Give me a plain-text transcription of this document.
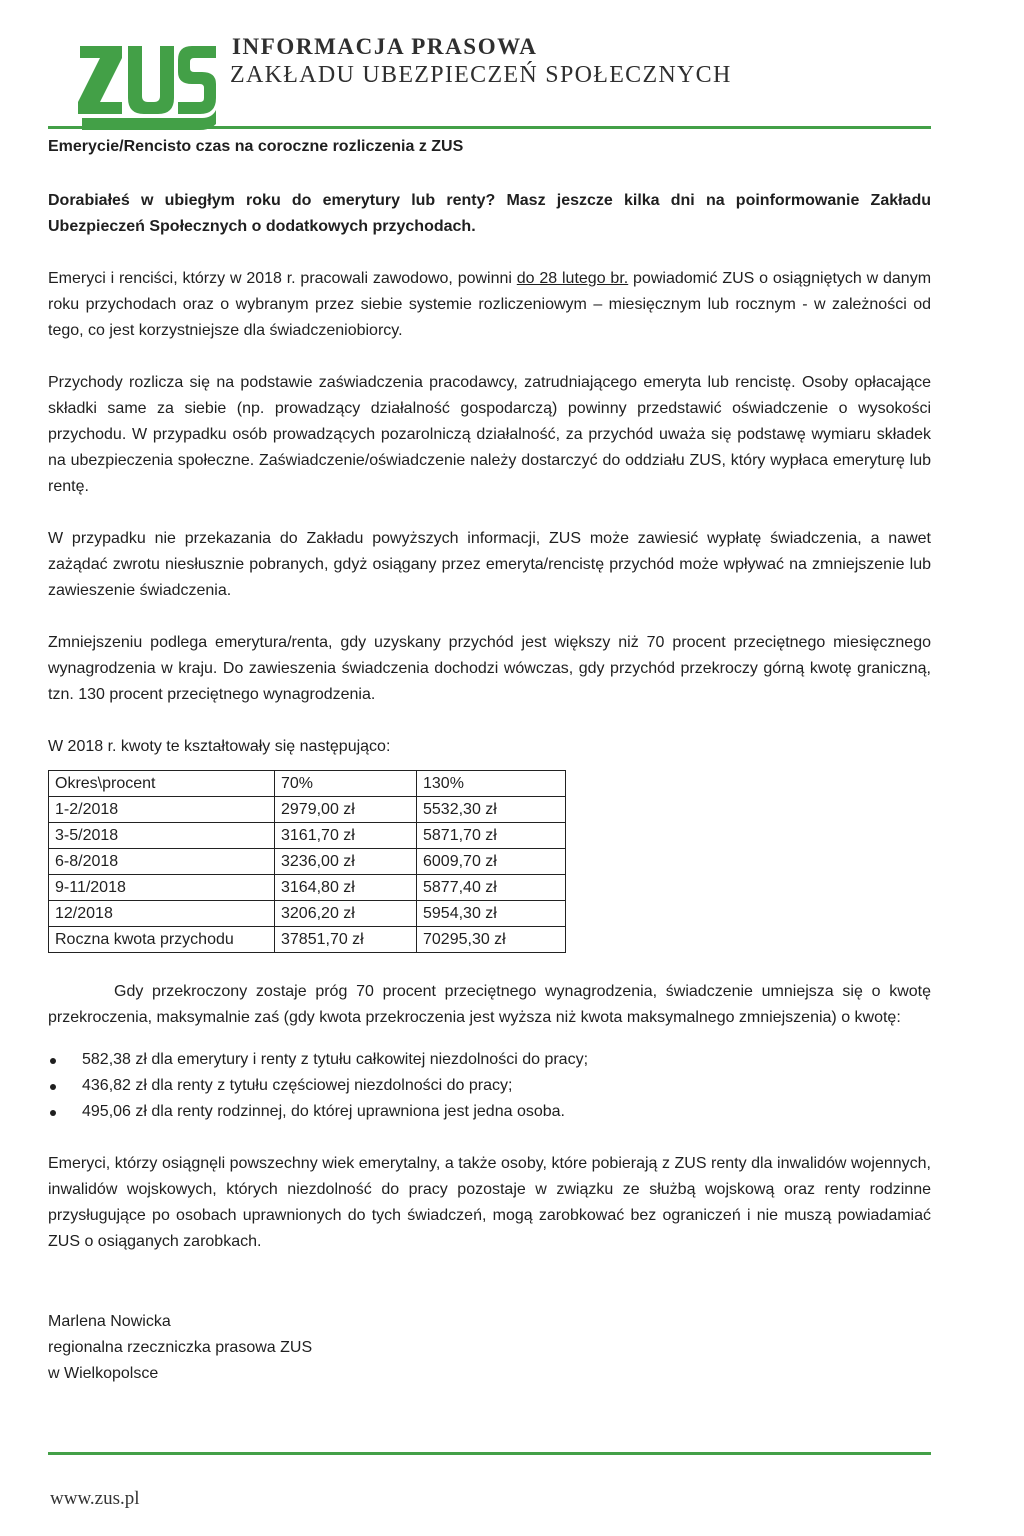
INFORMACJA PRASOWA
ZAKŁADU UBEZPIECZEŃ SPOŁECZNYCH
Emerycie/Rencisto czas na coroczne rozliczenia z ZUS

Dorabiałeś w ubiegłym roku do emerytury lub renty? Masz jeszcze kilka dni na poinformowanie Zakładu Ubezpieczeń Społecznych o dodatkowych przychodach.

Emeryci i renciści, którzy w 2018 r. pracowali zawodowo, powinni do 28 lutego br. powiadomić ZUS o osiągniętych w danym roku przychodach oraz o wybranym przez siebie systemie rozliczeniowym – miesięcznym lub rocznym - w zależności od tego, co jest korzystniejsze dla świadczeniobiorcy.

Przychody rozlicza się na podstawie zaświadczenia pracodawcy, zatrudniającego emeryta lub rencistę. Osoby opłacające składki same za siebie (np. prowadzący działalność gospodarczą) powinny przedstawić oświadczenie o wysokości przychodu. W przypadku osób prowadzących pozarolniczą działalność, za przychód uważa się podstawę wymiaru składek na ubezpieczenia społeczne. Zaświadczenie/oświadczenie należy dostarczyć do oddziału ZUS, który wypłaca emeryturę lub rentę.

W przypadku nie przekazania do Zakładu powyższych informacji, ZUS może zawiesić wypłatę świadczenia, a nawet zażądać zwrotu niesłusznie pobranych, gdyż osiągany przez emeryta/rencistę przychód może wpływać na zmniejszenie lub zawieszenie świadczenia.

Zmniejszeniu podlega emerytura/renta, gdy uzyskany przychód jest większy niż 70 procent przeciętnego miesięcznego wynagrodzenia w kraju. Do zawieszenia świadczenia dochodzi wówczas, gdy przychód przekroczy górną kwotę graniczną, tzn. 130 procent przeciętnego wynagrodzenia.

W 2018 r. kwoty te kształtowały się następująco:

Okres\procent	70%	130%
1-2/2018	2979,00 zł	5532,30 zł
3-5/2018	3161,70 zł	5871,70 zł
6-8/2018	3236,00 zł	6009,70 zł
9-11/2018	3164,80 zł	5877,40 zł
12/2018	3206,20 zł	5954,30 zł
Roczna kwota przychodu	37851,70 zł	70295,30 zł

Gdy przekroczony zostaje próg 70 procent przeciętnego wynagrodzenia, świadczenie umniejsza się o kwotę przekroczenia, maksymalnie zaś (gdy kwota przekroczenia jest wyższa niż kwota maksymalnego zmniejszenia) o kwotę:

582,38 zł dla emerytury i renty z tytułu całkowitej niezdolności do pracy;
436,82 zł dla renty z tytułu częściowej niezdolności do pracy;
495,06 zł dla renty rodzinnej, do której uprawniona jest jedna osoba.

Emeryci, którzy osiągnęli powszechny wiek emerytalny, a także osoby, które pobierają z ZUS renty dla inwalidów wojennych, inwalidów wojskowych, których niezdolność do pracy pozostaje w związku ze służbą wojskową oraz renty rodzinne przysługujące po osobach uprawnionych do tych świadczeń, mogą zarobkować bez ograniczeń i nie muszą powiadamiać ZUS o osiąganych zarobkach.

Marlena Nowicka
regionalna rzeczniczka prasowa ZUS
w Wielkopolsce
www.zus.pl
